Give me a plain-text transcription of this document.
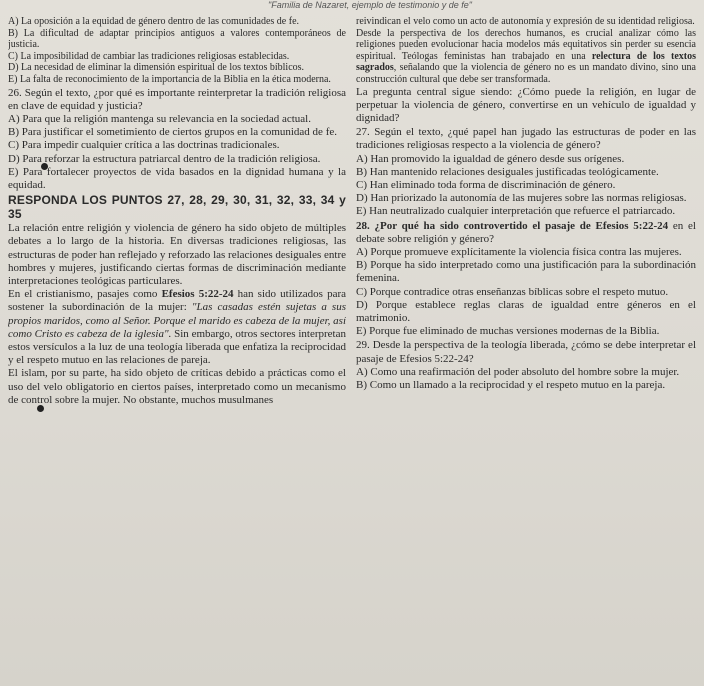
"Familia de Nazaret, ejemplo de testimonio y de fe"

A) La oposición a la equidad de género dentro de las comunidades de fe.

B) La dificultad de adaptar principios antiguos a valores contemporáneos de justicia.

C) La imposibilidad de cambiar las tradiciones religiosas establecidas.

D) La necesidad de eliminar la dimensión espiritual de los textos bíblicos.

E) La falta de reconocimiento de la importancia de la Biblia en la ética moderna.

26. Según el texto, ¿por qué es importante reinterpretar la tradición religiosa en clave de equidad y justicia?

A) Para que la religión mantenga su relevancia en la sociedad actual.

B) Para justificar el sometimiento de ciertos grupos en la comunidad de fe.

C) Para impedir cualquier crítica a las doctrinas tradicionales.

D) Para reforzar la estructura patriarcal dentro de la tradición religiosa.

E) Para fortalecer proyectos de vida basados en la dignidad humana y la equidad.

RESPONDA LOS PUNTOS 27, 28, 29, 30, 31, 32, 33, 34 y 35

La relación entre religión y violencia de género ha sido objeto de múltiples debates a lo largo de la historia. En diversas tradiciones religiosas, las estructuras de poder han reflejado y reforzado las relaciones desiguales entre hombres y mujeres, justificando ciertas formas de discriminación mediante interpretaciones teológicas particulares.

En el cristianismo, pasajes como Efesios 5:22-24 han sido utilizados para sostener la subordinación de la mujer: "Las casadas estén sujetas a sus propios maridos, como al Señor. Porque el marido es cabeza de la mujer, así como Cristo es cabeza de la iglesia". Sin embargo, otros sectores interpretan estos versículos a la luz de una teología liberada que enfatiza la reciprocidad y el respeto mutuo en las relaciones de pareja.

El islam, por su parte, ha sido objeto de críticas debido a prácticas como el uso del velo obligatorio en ciertos países, interpretado como un mecanismo de control sobre la mujer. No obstante, muchos musulmanes

reivindican el velo como un acto de autonomía y expresión de su identidad religiosa.

Desde la perspectiva de los derechos humanos, es crucial analizar cómo las religiones pueden evolucionar hacia modelos más equitativos sin perder su esencia espiritual. Teólogas feministas han trabajado en una relectura de los textos sagrados, señalando que la violencia de género no es un mandato divino, sino una construcción cultural que debe ser transformada.

La pregunta central sigue siendo: ¿Cómo puede la religión, en lugar de perpetuar la violencia de género, convertirse en un vehículo de igualdad y dignidad?

27. Según el texto, ¿qué papel han jugado las estructuras de poder en las tradiciones religiosas respecto a la violencia de género?

A) Han promovido la igualdad de género desde sus orígenes.

B) Han mantenido relaciones desiguales justificadas teológicamente.

C) Han eliminado toda forma de discriminación de género.

D) Han priorizado la autonomía de las mujeres sobre las normas religiosas.

E) Han neutralizado cualquier interpretación que refuerce el patriarcado.

28. ¿Por qué ha sido controvertido el pasaje de Efesios 5:22-24 en el debate sobre religión y género?

A) Porque promueve explícitamente la violencia física contra las mujeres.

B) Porque ha sido interpretado como una justificación para la subordinación femenina.

C) Porque contradice otras enseñanzas bíblicas sobre el respeto mutuo.

D) Porque establece reglas claras de igualdad entre géneros en el matrimonio.

E) Porque fue eliminado de muchas versiones modernas de la Biblia.

29. Desde la perspectiva de la teología liberada, ¿cómo se debe interpretar el pasaje de Efesios 5:22-24?

A) Como una reafirmación del poder absoluto del hombre sobre la mujer.

B) Como un llamado a la reciprocidad y el respeto mutuo en la pareja.
